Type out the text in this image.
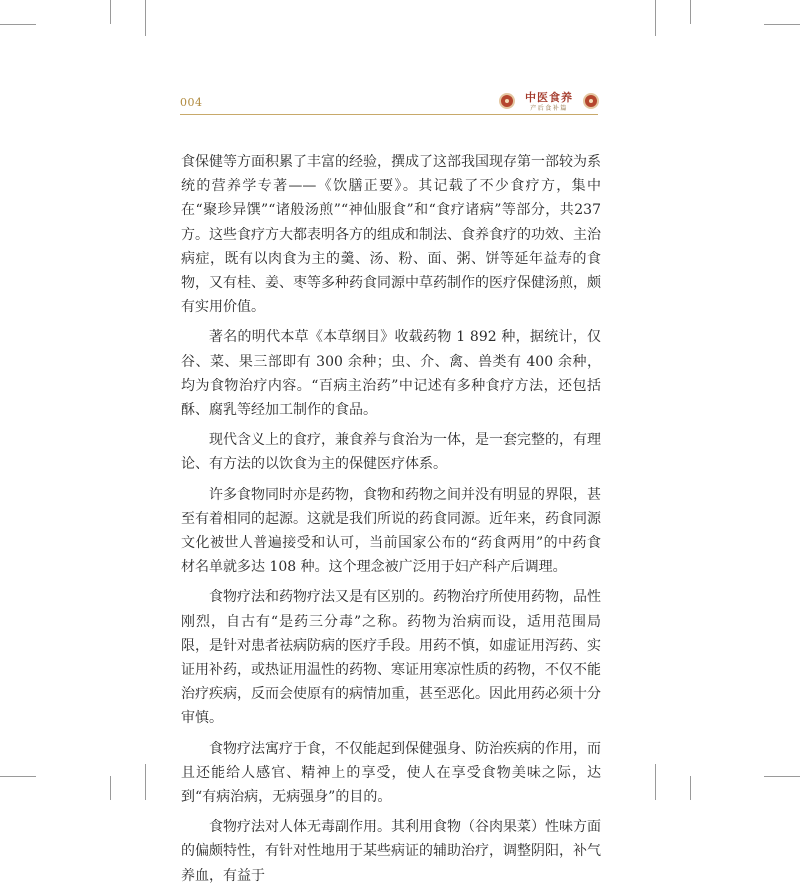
004	中医食养
产后食补篇

食保健等方面积累了丰富的经验，撰成了这部我国现存第一部较为系统的营养学专著——《饮膳正要》。其记载了不少食疗方，集中在“聚珍异馔”“诸般汤煎”“神仙服食”和“食疗诸病”等部分，共237方。这些食疗方大都表明各方的组成和制法、食养食疗的功效、主治病症，既有以肉食为主的羹、汤、粉、面、粥、饼等延年益寿的食物，又有桂、姜、枣等多种药食同源中草药制作的医疗保健汤煎，颇有实用价值。

著名的明代本草《本草纲目》收载药物 1 892 种，据统计，仅谷、菜、果三部即有 300 余种；虫、介、禽、兽类有 400 余种，均为食物治疗内容。“百病主治药”中记述有多种食疗方法，还包括酥、腐乳等经加工制作的食品。

现代含义上的食疗，兼食养与食治为一体，是一套完整的，有理论、有方法的以饮食为主的保健医疗体系。

许多食物同时亦是药物，食物和药物之间并没有明显的界限，甚至有着相同的起源。这就是我们所说的药食同源。近年来，药食同源文化被世人普遍接受和认可，当前国家公布的“药食两用”的中药食材名单就多达 108 种。这个理念被广泛用于妇产科产后调理。

食物疗法和药物疗法又是有区别的。药物治疗所使用药物，品性刚烈，自古有“是药三分毒”之称。药物为治病而设，适用范围局限，是针对患者祛病防病的医疗手段。用药不慎，如虚证用泻药、实证用补药，或热证用温性的药物、寒证用寒凉性质的药物，不仅不能治疗疾病，反而会使原有的病情加重，甚至恶化。因此用药必须十分审慎。

食物疗法寓疗于食，不仅能起到保健强身、防治疾病的作用，而且还能给人感官、精神上的享受，使人在享受食物美味之际，达到“有病治病，无病强身”的目的。

食物疗法对人体无毒副作用。其利用食物（谷肉果菜）性味方面的偏颇特性，有针对性地用于某些病证的辅助治疗，调整阴阳，补气养血，有益于
